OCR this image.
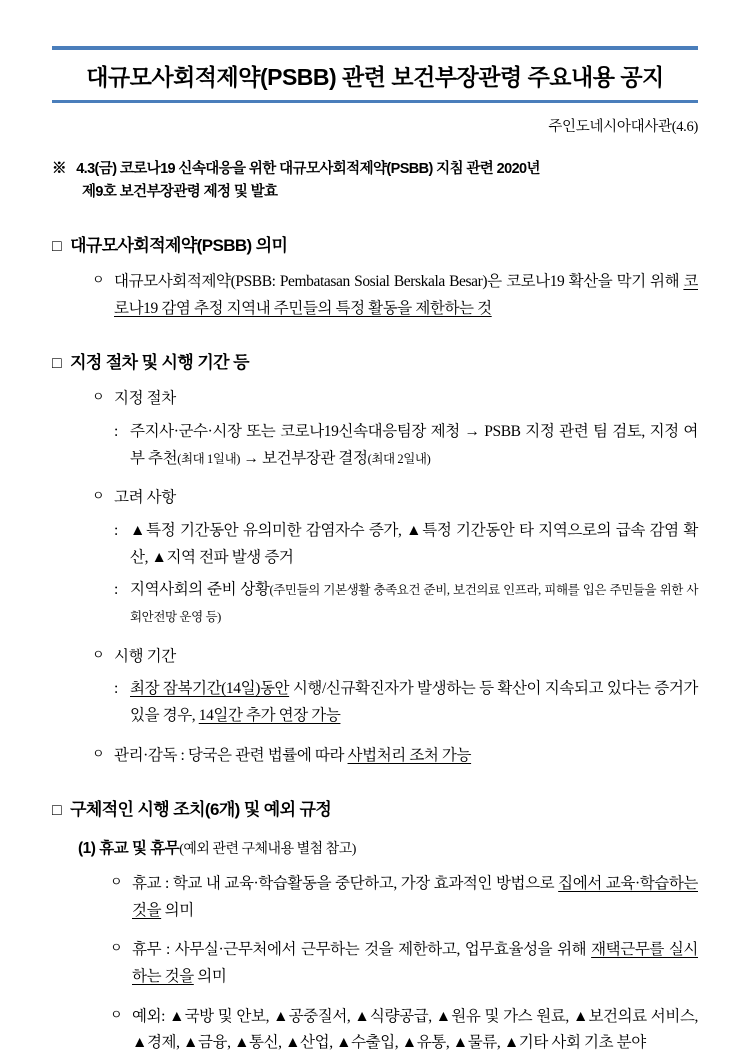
대규모사회적제약(PSBB) 관련 보건부장관령 주요내용 공지
주인도네시아대사관(4.6)
※ 4.3(금) 코로나19 신속대응을 위한 대규모사회적제약(PSBB) 지침 관련 2020년
제9호 보건부장관령 제정 및 발효
□ 대규모사회적제약(PSBB) 의미
ㅇ 대규모사회적제약(PSBB: Pembatasan Sosial Berskala Besar)은 코로나19 확산을 막기 위해 코로나19 감염 추정 지역내 주민들의 특정 활동을 제한하는 것
□ 지정 절차 및 시행 기간 등
ㅇ 지정 절차
: 주지사·군수·시장 또는 코로나19신속대응팀장 제청 → PSBB 지정 관련 팀 검토, 지정 여부 추천(최대 1일내) → 보건부장관 결정(최대 2일내)
ㅇ 고려 사항
: ▲특정 기간동안 유의미한 감염자수 증가, ▲특정 기간동안 타 지역으로의 급속 감염 확산, ▲지역 전파 발생 증거
: 지역사회의 준비 상황(주민들의 기본생활 충족요건 준비, 보건의료 인프라, 피해를 입은 주민들을 위한 사회안전망 운영 등)
ㅇ 시행 기간
: 최장 잠복기간(14일)동안 시행/신규확진자가 발생하는 등 확산이 지속되고 있다는 증거가 있을 경우, 14일간 추가 연장 가능
ㅇ 관리·감독 : 당국은 관련 법률에 따라 사법처리 조처 가능
□ 구체적인 시행 조치(6개) 및 예외 규정
(1) 휴교 및 휴무(예외 관련 구체내용 별첨 참고)
ㅇ 휴교 : 학교 내 교육·학습활동을 중단하고, 가장 효과적인 방법으로 집에서 교육·학습하는 것을 의미
ㅇ 휴무 : 사무실·근무처에서 근무하는 것을 제한하고, 업무효율성을 위해 재택근무를 실시하는 것을 의미
ㅇ 예외: ▲국방 및 안보, ▲공중질서, ▲식량공급, ▲원유 및 가스 원료, ▲보건의료 서비스, ▲경제, ▲금융, ▲통신, ▲산업, ▲수출입, ▲유통, ▲물류, ▲기타 사회 기초 분야
